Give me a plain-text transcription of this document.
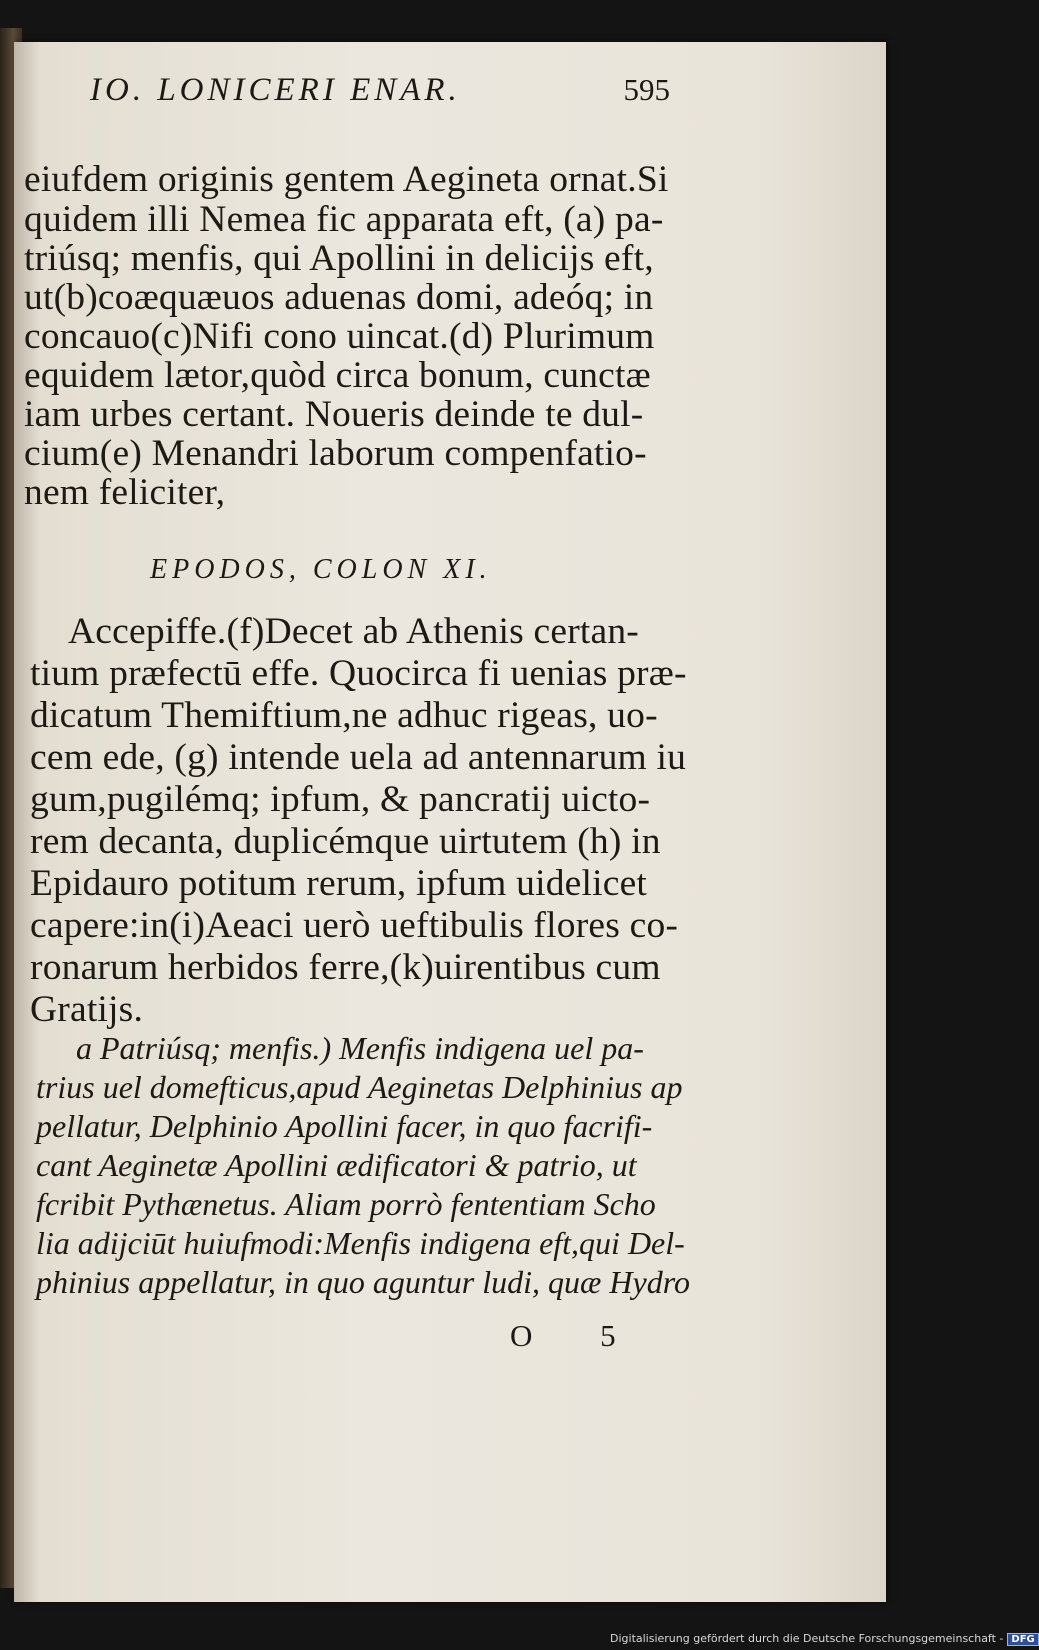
IO. LONICERI ENAR.	595
eiufdem originis gentem Aegineta ornat.Si
quidem illi Nemea fic apparata eft, (a) pa-
triúsq; menfis, qui Apollini in delicijs eft,
ut(b)coæquæuos aduenas domi, adeóq; in
concauo(c)Nifi cono uincat.(d) Plurimum
equidem lætor,quòd circa bonum, cunctæ
iam urbes certant. Noueris deinde te dul-
cium(e) Menandri laborum compenfatio-
nem feliciter,
EPODOS, COLON XI.
Accepiffe.(f)Decet ab Athenis certan-
tium præfectū effe. Quocirca fi uenias præ-
dicatum Themiftium,ne adhuc rigeas, uo-
cem ede, (g) intende uela ad antennarum iu
gum,pugilémq; ipfum, & pancratij uicto-
rem decanta, duplicémque uirtutem (h) in
Epidauro potitum rerum, ipfum uidelicet
capere:in(i)Aeaci uerò ueftibulis flores co-
ronarum herbidos ferre,(k)uirentibus cum
Gratijs.
a Patriúsq; menfis.) Menfis indigena uel pa-
trius uel domefticus,apud Aeginetas Delphinius ap
pellatur, Delphinio Apollini facer, in quo facrifi-
cant Aeginetæ Apollini ædificatori & patrio, ut
fcribit Pythænetus. Aliam porrò fententiam Scho
lia adijciūt huiufmodi:Menfis indigena eft,qui Del-
phinius appellatur, in quo aguntur ludi, quæ Hydro
O 5
Digitalisierung gefördert durch die Deutsche Forschungsgemeinschaft - DFG
